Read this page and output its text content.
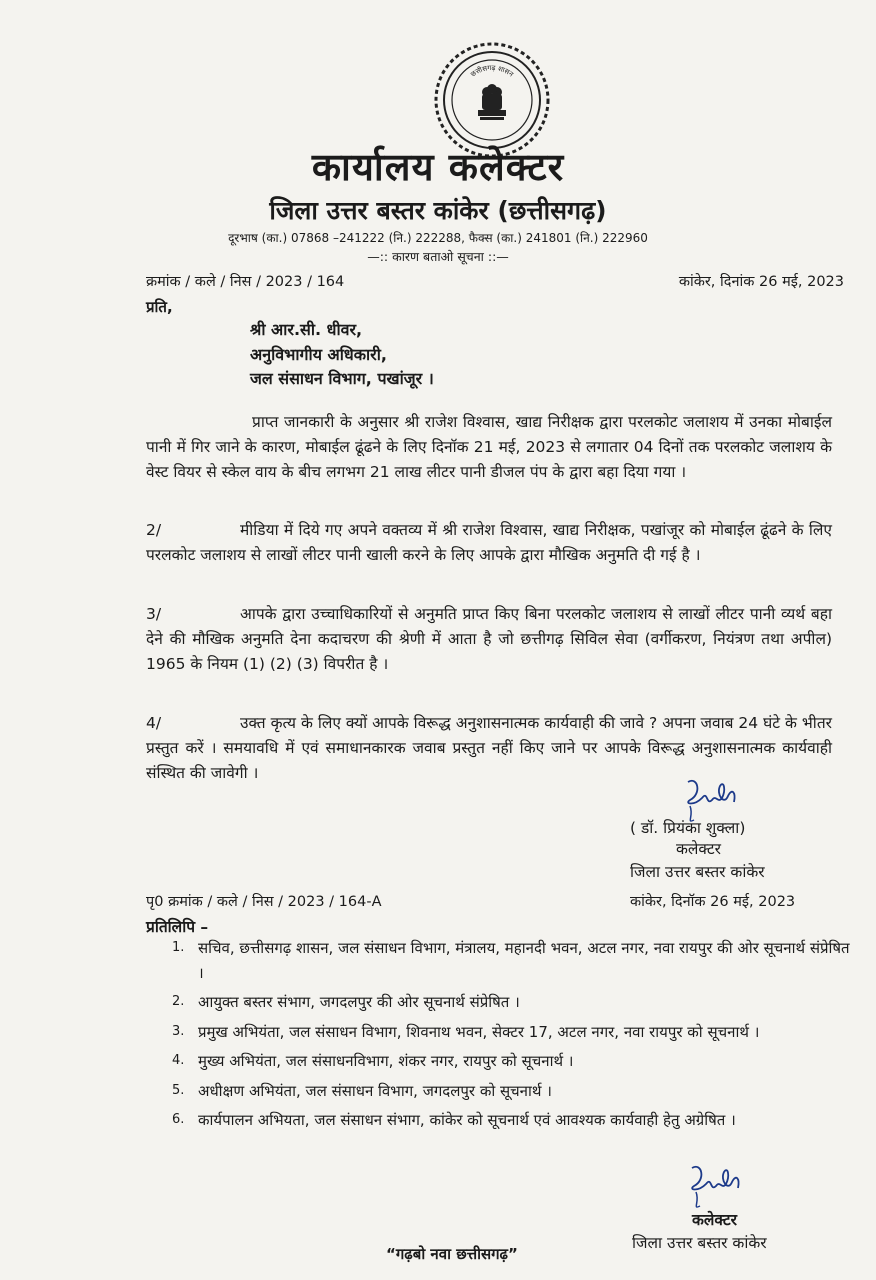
छत्तीसगढ़ शासन
कार्यालय कलेक्टर
जिला उत्तर बस्तर कांकेर (छत्तीसगढ़)
दूरभाष (का.) 07868 –241222 (नि.) 222288, फैक्स (का.) 241801 (नि.) 222960
—:: कारण बताओ सूचना ::—
क्रमांक / कले / निस / 2023 / 164	कांकेर, दिनांक 26 मई, 2023
प्रति,
श्री आर.सी. धीवर,
अनुविभागीय अधिकारी,
जल संसाधन विभाग, पखांजूर ।

प्राप्त जानकारी के अनुसार श्री राजेश विश्वास, खाद्य निरीक्षक द्वारा परलकोट जलाशय में उनका मोबाईल पानी में गिर जाने के कारण, मोबाईल ढूंढने के लिए दिनॉक 21 मई, 2023 से लगातार 04 दिनों तक परलकोट जलाशय के वेस्ट वियर से स्केल वाय के बीच लगभग 21 लाख लीटर पानी डीजल पंप के द्वारा बहा दिया गया ।

2/	मीडिया में दिये गए अपने वक्तव्य में श्री राजेश विश्वास, खाद्य निरीक्षक, पखांजूर को मोबाईल ढूंढने के लिए परलकोट जलाशय से लाखों लीटर पानी खाली करने के लिए आपके द्वारा मौखिक अनुमति दी गई है ।

3/	आपके द्वारा उच्चाधिकारियों से अनुमति प्राप्त किए बिना परलकोट जलाशय से लाखों लीटर पानी व्यर्थ बहा देने की मौखिक अनुमति देना कदाचरण की श्रेणी में आता है जो छत्तीगढ़ सिविल सेवा (वर्गीकरण, नियंत्रण तथा अपील) 1965 के नियम (1) (2) (3) विपरीत है ।

4/	उक्त कृत्य के लिए क्यों आपके विरूद्ध अनुशासनात्मक कार्यवाही की जावे ? अपना जवाब 24 घंटे के भीतर प्रस्तुत करें । समयावधि में एवं समाधानकारक जवाब प्रस्तुत नहीं किए जाने पर आपके विरूद्ध अनुशासनात्मक कार्यवाही संस्थित की जावेगी ।

( डॉ. प्रियंका शुक्ला)
कलेक्टर
जिला उत्तर बस्तर कांकेर
पृ0 क्रमांक / कले / निस / 2023 / 164-A	कांकेर, दिनॉक 26 मई, 2023
प्रतिलिपि –
1. सचिव, छत्तीसगढ़ शासन, जल संसाधन विभाग, मंत्रालय, महानदी भवन, अटल नगर, नवा रायपुर की ओर सूचनार्थ संप्रेषित ।
2. आयुक्त बस्तर संभाग, जगदलपुर की ओर सूचनार्थ संप्रेषित ।
3. प्रमुख अभियंता, जल संसाधन विभाग, शिवनाथ भवन, सेक्टर 17, अटल नगर, नवा रायपुर को सूचनार्थ ।
4. मुख्य अभियंता, जल संसाधनविभाग, शंकर नगर, रायपुर को सूचनार्थ ।
5. अधीक्षण अभियंता, जल संसाधन विभाग, जगदलपुर को सूचनार्थ ।
6. कार्यपालन अभियता, जल संसाधन संभाग, कांकेर को सूचनार्थ एवं आवश्यक कार्यवाही हेतु अग्रेषित ।
कलेक्टर
जिला उत्तर बस्तर कांकेर
“गढ़बो नवा छत्तीसगढ़”
